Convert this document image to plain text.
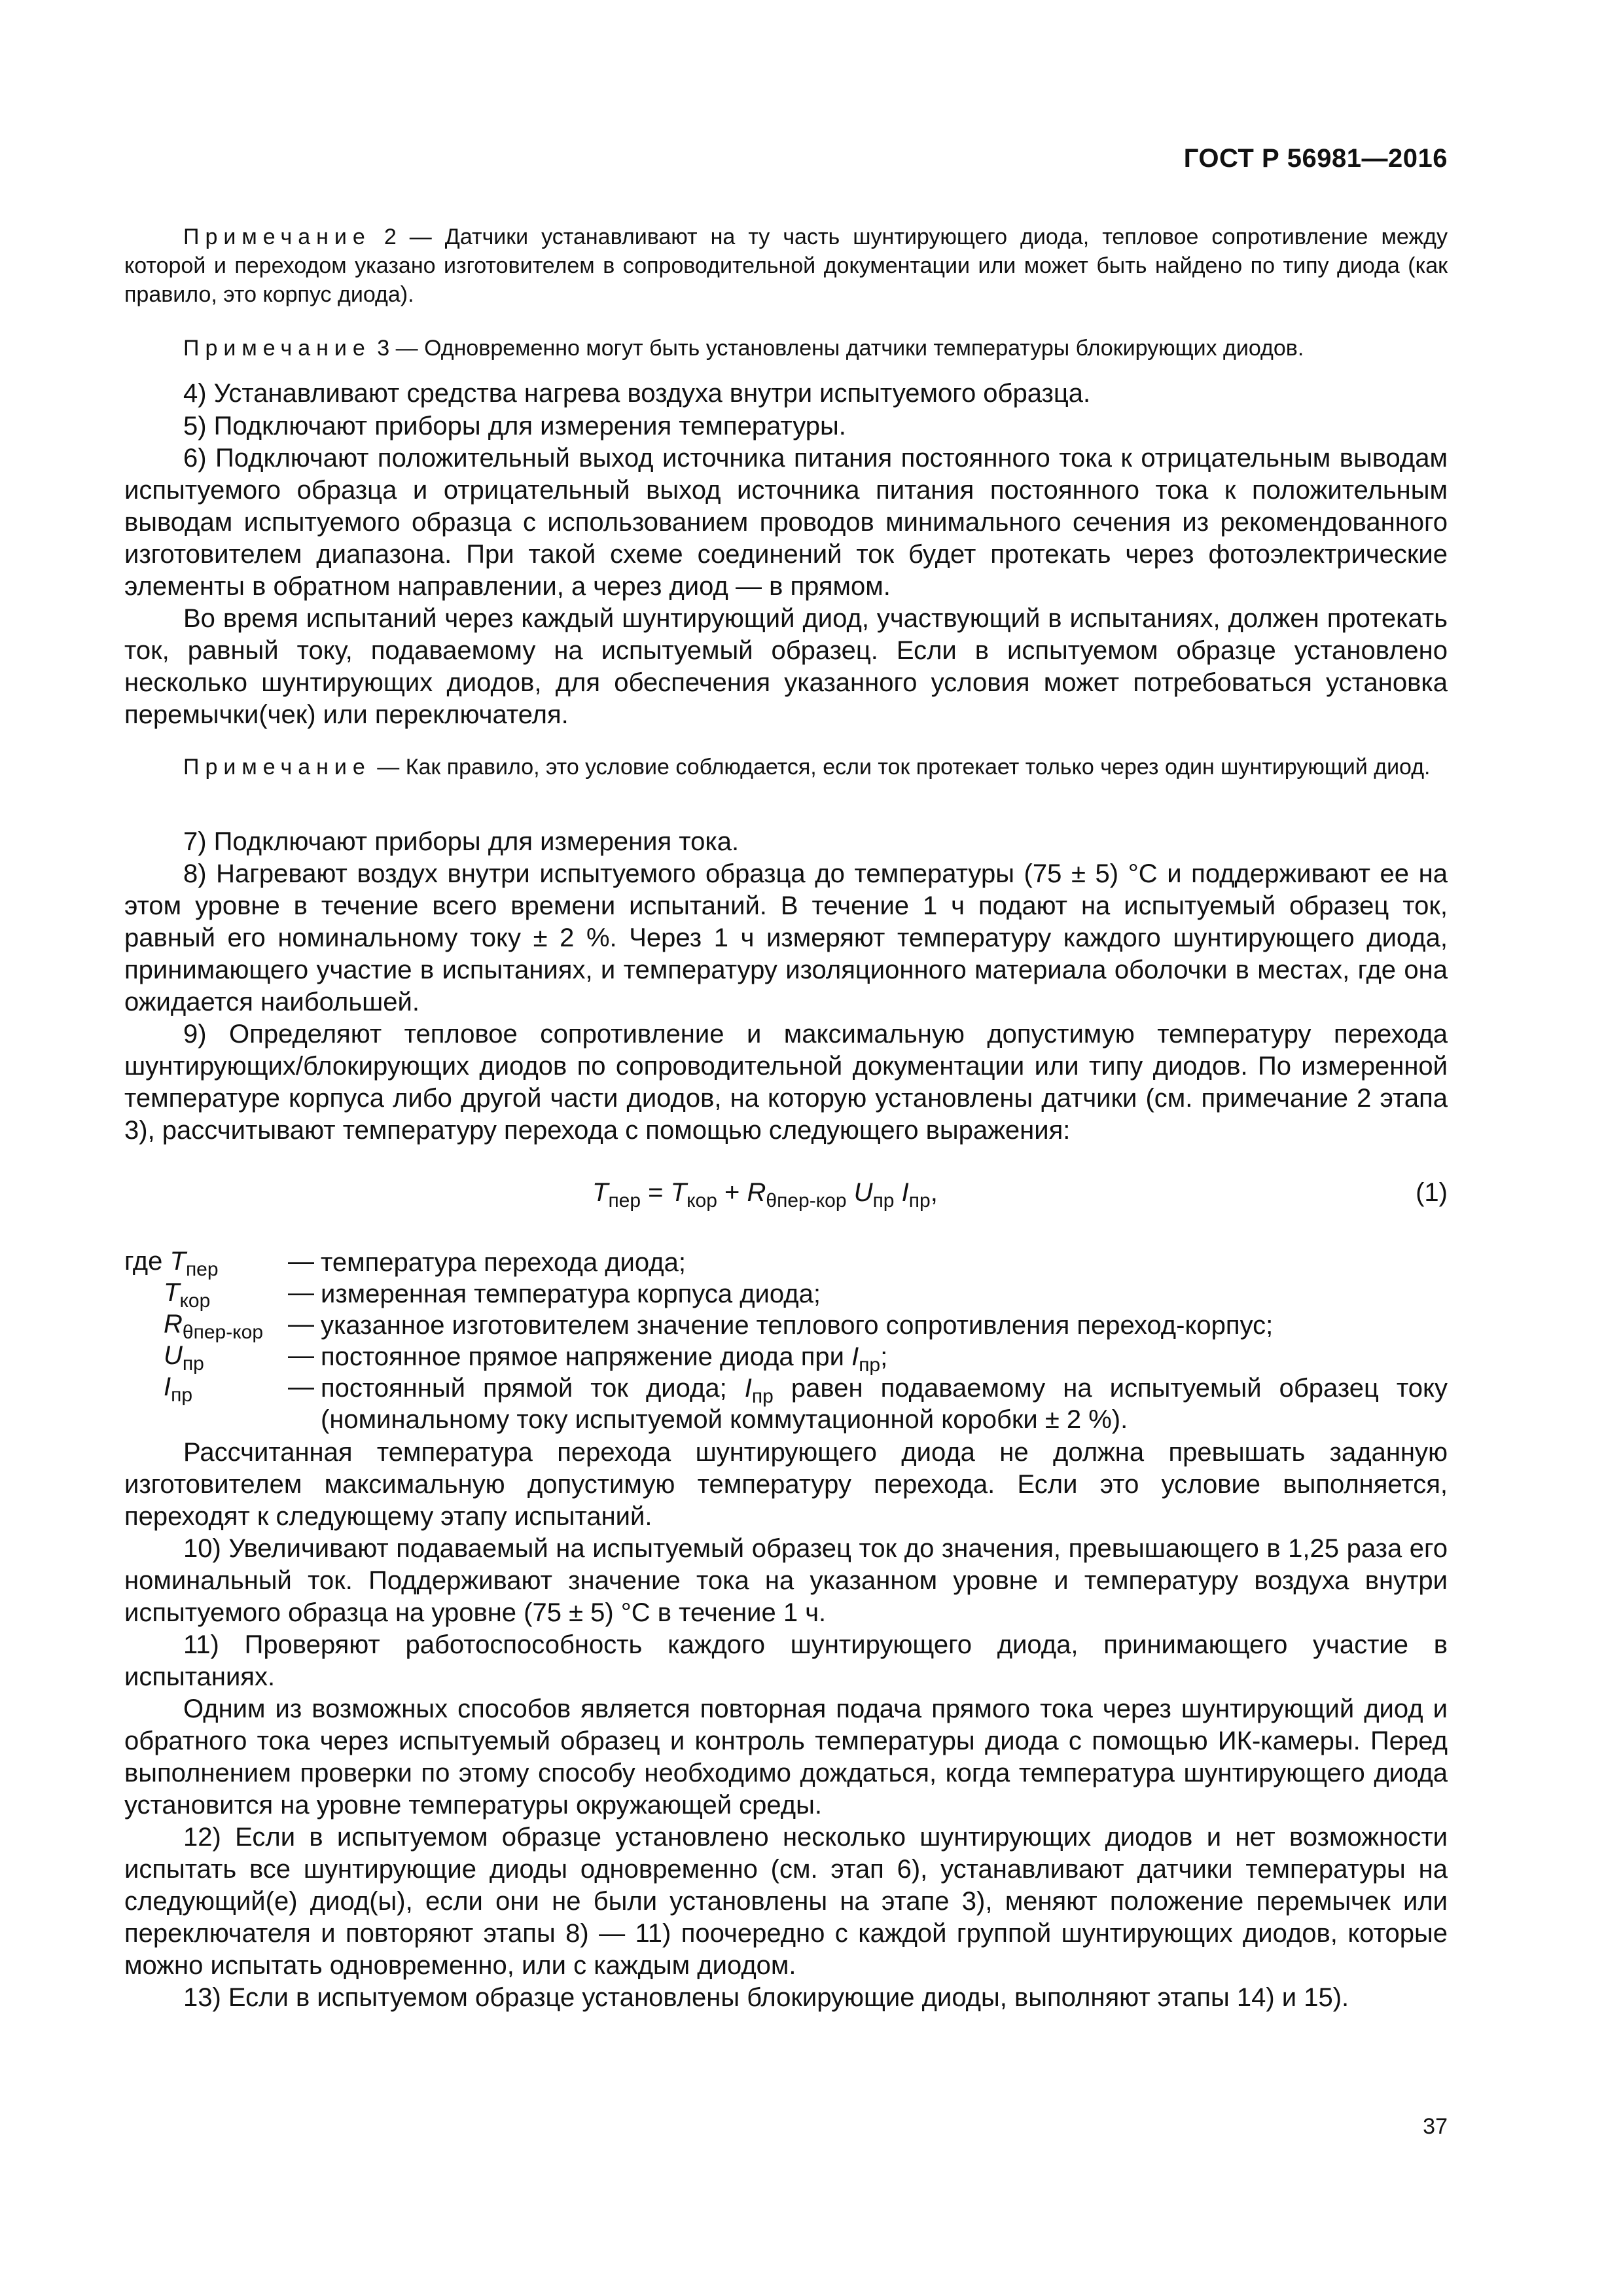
ГОСТ Р 56981—2016
Примечание 2 — Датчики устанавливают на ту часть шунтирующего диода, тепловое сопротивление между которой и переходом указано изготовителем в сопроводительной документации или может быть найдено по типу диода (как правило, это корпус диода).
Примечание 3 — Одновременно могут быть установлены датчики температуры блокирующих диодов.
4) Устанавливают средства нагрева воздуха внутри испытуемого образца.
5) Подключают приборы для измерения температуры.
6) Подключают положительный выход источника питания постоянного тока к отрицательным выводам испытуемого образца и отрицательный выход источника питания постоянного тока к положительным выводам испытуемого образца с использованием проводов минимального сечения из рекомендованного изготовителем диапазона. При такой схеме соединений ток будет протекать через фотоэлектрические элементы в обратном направлении, а через диод — в прямом.
Во время испытаний через каждый шунтирующий диод, участвующий в испытаниях, должен протекать ток, равный току, подаваемому на испытуемый образец. Если в испытуемом образце установлено несколько шунтирующих диодов, для обеспечения указанного условия может потребоваться установка перемычки(чек) или переключателя.
Примечание — Как правило, это условие соблюдается, если ток протекает только через один шунтирующий диод.
7) Подключают приборы для измерения тока.
8) Нагревают воздух внутри испытуемого образца до температуры (75 ± 5) °С и поддерживают ее на этом уровне в течение всего времени испытаний. В течение 1 ч подают на испытуемый образец ток, равный его номинальному току ± 2 %. Через 1 ч измеряют температуру каждого шунтирующего диода, принимающего участие в испытаниях, и температуру изоляционного материала оболочки в местах, где она ожидается наибольшей.
9) Определяют тепловое сопротивление и максимальную допустимую температуру перехода шунтирующих/блокирующих диодов по сопроводительной документации или типу диодов. По измеренной температуре корпуса либо другой части диодов, на которую установлены датчики (см. примечание 2 этапа 3), рассчитывают температуру перехода с помощью следующего выражения:
$T_{пер} = T_{кор} + R_{\theta пер-кор}$ $U_{пр}$ $I_{пр}$,	(1)
где $T_{пер}$	— температура перехода диода;
$T_{кор}$	— измеренная температура корпуса диода;
$R_{\theta пер-кор}$ — указанное изготовителем значение теплового сопротивления переход-корпус;
$U_{пр}$	— постоянное прямое напряжение диода при $I_{пр}$;
$I_{пр}$	— постоянный прямой ток диода; $I_{пр}$ равен подаваемому на испытуемый образец току (номинальному току испытуемой коммутационной коробки ± 2 %).
Рассчитанная температура перехода шунтирующего диода не должна превышать заданную изготовителем максимальную допустимую температуру перехода. Если это условие выполняется, переходят к следующему этапу испытаний.
10) Увеличивают подаваемый на испытуемый образец ток до значения, превышающего в 1,25 раза его номинальный ток. Поддерживают значение тока на указанном уровне и температуру воздуха внутри испытуемого образца на уровне (75 ± 5) °С в течение 1 ч.
11) Проверяют работоспособность каждого шунтирующего диода, принимающего участие в испытаниях.
Одним из возможных способов является повторная подача прямого тока через шунтирующий диод и обратного тока через испытуемый образец и контроль температуры диода с помощью ИК-камеры. Перед выполнением проверки по этому способу необходимо дождаться, когда температура шунтирующего диода установится на уровне температуры окружающей среды.
12) Если в испытуемом образце установлено несколько шунтирующих диодов и нет возможности испытать все шунтирующие диоды одновременно (см. этап 6), устанавливают датчики температуры на следующий(е) диод(ы), если они не были установлены на этапе 3), меняют положение перемычек или переключателя и повторяют этапы 8) — 11) поочередно с каждой группой шунтирующих диодов, которые можно испытать одновременно, или с каждым диодом.
13) Если в испытуемом образце установлены блокирующие диоды, выполняют этапы 14) и 15).
37
